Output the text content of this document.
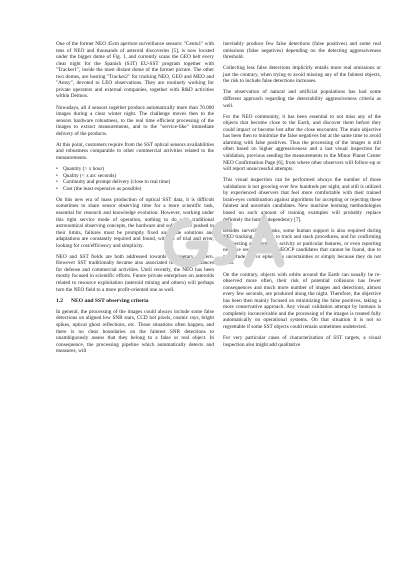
One of the former NEO 45cm aperture surveillance sensors: "Centu1" with tens of NEO and thousands of asteroid discoveries [5], is now located under the bigger dome of Fig. 1, and currently scans the GEO belt every clear night for the Spanish (S3T) EU-SST program together with "Tracker1", inside the most distant dome of the former picture. The other two domes, are hosting "Tracker2" for tracking NEO, GEO and MEO and "Antsy", devoted to LEO observations. They are routinely working for private operators and external companies, together with R&D activities within Deimos.

Nowadays, all 4 sensors together produce automatically more than 70.000 images during a clear winter night. The challenge moves then to the sensors hardware robustness, to the real time efficient processing of the images to extract measurements, and to the "service-like" immediate delivery of the products.

At this point, customers require from the SST optical sensors availabilities and robustness comparable to other commercial activities related to the measurements.

• Quantity (> x hour)
• Quality (< x arc seconds)
• Continuity and prompt delivery (close to real time)
• Cost (the least expensive as possible)

On this new era of mass production of optical SST data, it is difficult sometimes to share sensor observing time for a more scientific task, essential for research and knowledge evolution. However, working under this tight service mode of operation, nothing to do with traditional astronomical observing concepts, the hardware and software are pushed to their limits, failures must be promptly fixed and little solutions and adaptations are constantly required and found, with lot of trial and error, looking for cost/efficiency and simplicity.

NEO and SST fields are both addressed towards a planetary concern. However SST traditionally became also associated to strategic alliances for defense and commercial activities. Until recently, the NEO has been mostly focused in scientific efforts. Future private enterprises on asteroids related to resource exploitation (asteroid mining and others) will perhaps turn the NEO field to a more profit-oriented one as well.

1.2 NEO and SST observing criteria

In general, the processing of the images could always include some false detections on aligned low SNR stars, CCD hot pixels, cosmic rays, bright spikes, optical ghost reflections, etc. Those situations often happen, and there is no clear boundaries on the faintest SNR detections to unambiguously assess that they belong to a false or real object. In consequence, the processing pipeline which automatically detects and measures, will

inevitably produce few false detections (false positives) and some real omissions (false negatives) depending on the detecting aggressiveness threshold.

Collecting less false detections implicitly entails more real omissions or just the contrary, when trying to avoid missing any of the faintest objects, the risk to include false detections increases.

The observation of natural and artificial populations has had some different approach regarding the detectability aggressiveness criteria as well.

For the NEO community, it has been essential to not miss any of the objects that become close to the Earth, and discover them before they could impact or become lost after the close encounter. The main objective has been then to minimize the false negatives but at the same time to avoid alarming with false positives. Thus the processing of the images is still often based on higher aggressiveness and a last visual inspection for validation, previous sending the measurements to the Minor Planet Center NEO Confirmation Page [6], from where other observers will follow-up or will report unsuccessful attempts.

This visual inspection can be performed always the number of those validations is not growing over few hundreds per night, and still is utilized by experienced observers that feel more comfortable with their trained brain-eyes combination against algorithms for accepting or rejecting these faintest and uncertain candidates. New machine learning methodologies based on such amount of training examples will probably replace definitely the human dependency [7].

Besides surveillance tasks, some human support is also required during NEO tracking activities, to track and stack procedures, and for confirming or rejecting any cometary activity or particular features, or even reporting negative results of some NEOCP candidates that cannot be found, due to magnitude and/or ephemeris uncertainties or simply because they do not exist.

On the contrary, objects with orbits around the Earth can usually be re-observed more often, their risk of potential collisions has fewer consequences and much more number of images and detections, almost every few seconds, are produced along the night. Therefore, the objective has been then mainly focused on minimizing the false positives, taking a more conservative approach. Any visual validation attempt by humans is completely inconceivable and the processing of the images is treated fully automatically on operational systems. On that situation it is not so regrettable if some SST objects could remain sometimes undetected.

For very particular cases of characterization of SST targets, a visual inspection also might add qualitative
